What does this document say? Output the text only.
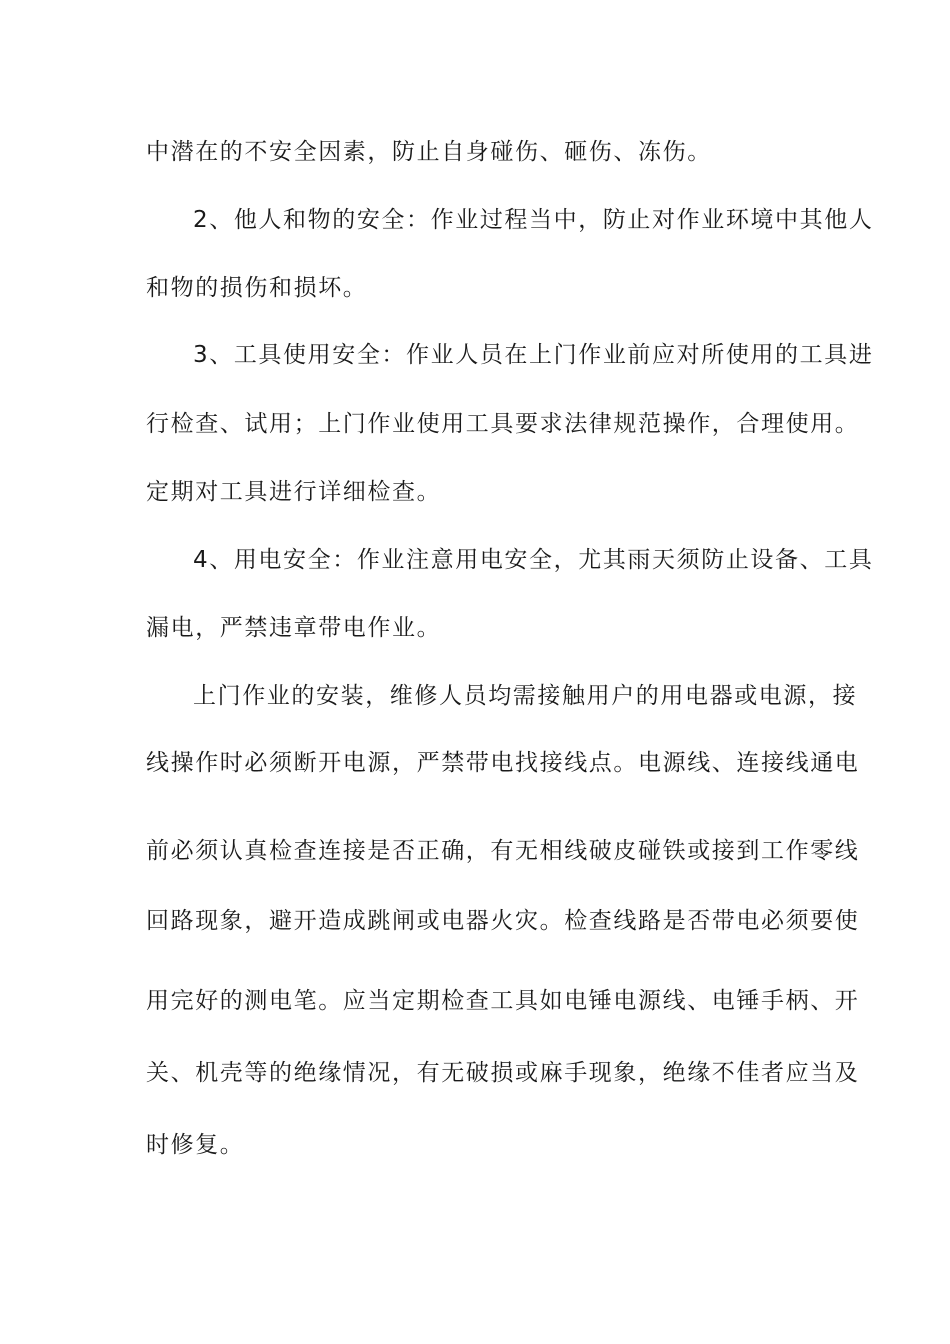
中潜在的不安全因素，防止自身碰伤、砸伤、冻伤。
2、他人和物的安全：作业过程当中，防止对作业环境中其他人
和物的损伤和损坏。
3、工具使用安全：作业人员在上门作业前应对所使用的工具进
行检查、试用；上门作业使用工具要求法律规范操作，合理使用。
定期对工具进行详细检查。
4、用电安全：作业注意用电安全，尤其雨天须防止设备、工具
漏电，严禁违章带电作业。
上门作业的安装，维修人员均需接触用户的用电器或电源，接
线操作时必须断开电源，严禁带电找接线点。电源线、连接线通电
前必须认真检查连接是否正确，有无相线破皮碰铁或接到工作零线
回路现象，避开造成跳闸或电器火灾。检查线路是否带电必须要使
用完好的测电笔。应当定期检查工具如电锤电源线、电锤手柄、开
关、机壳等的绝缘情况，有无破损或麻手现象，绝缘不佳者应当及
时修复。
